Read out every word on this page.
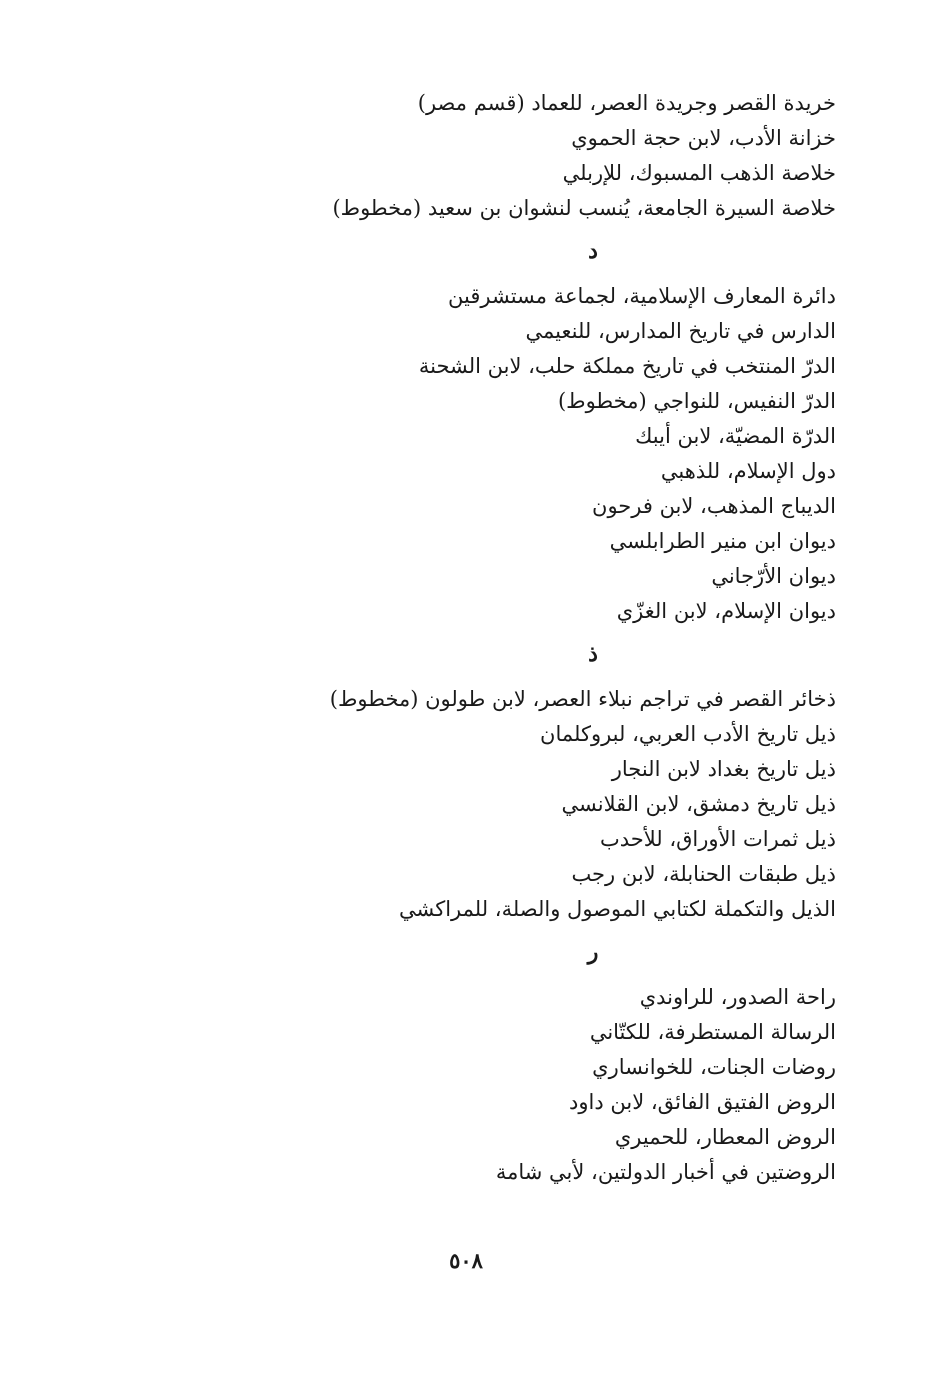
خريدة القصر وجريدة العصر، للعماد (قسم مصر)
خزانة الأدب، لابن حجة الحموي
خلاصة الذهب المسبوك، للإربلي
خلاصة السيرة الجامعة، يُنسب لنشوان بن سعيد (مخطوط)
د
دائرة المعارف الإسلامية، لجماعة مستشرقين
الدارس في تاريخ المدارس، للنعيمي
الدرّ المنتخب في تاريخ مملكة حلب، لابن الشحنة
الدرّ النفيس، للنواجي (مخطوط)
الدرّة المضيّة، لابن أيبك
دول الإسلام، للذهبي
الديباج المذهب، لابن فرحون
ديوان ابن منير الطرابلسي
ديوان الأرّجاني
ديوان الإسلام، لابن الغزّي
ذ
ذخائر القصر في تراجم نبلاء العصر، لابن طولون (مخطوط)
ذيل تاريخ الأدب العربي، لبروكلمان
ذيل تاريخ بغداد لابن النجار
ذيل تاريخ دمشق، لابن القلانسي
ذيل ثمرات الأوراق، للأحدب
ذيل طبقات الحنابلة، لابن رجب
الذيل والتكملة لكتابي الموصول والصلة، للمراكشي
ر
راحة الصدور، للراوندي
الرسالة المستطرفة، للكتّاني
روضات الجنات، للخوانساري
الروض الفتيق الفائق، لابن داود
الروض المعطار، للحميري
الروضتين في أخبار الدولتين، لأبي شامة
٥٠٨
